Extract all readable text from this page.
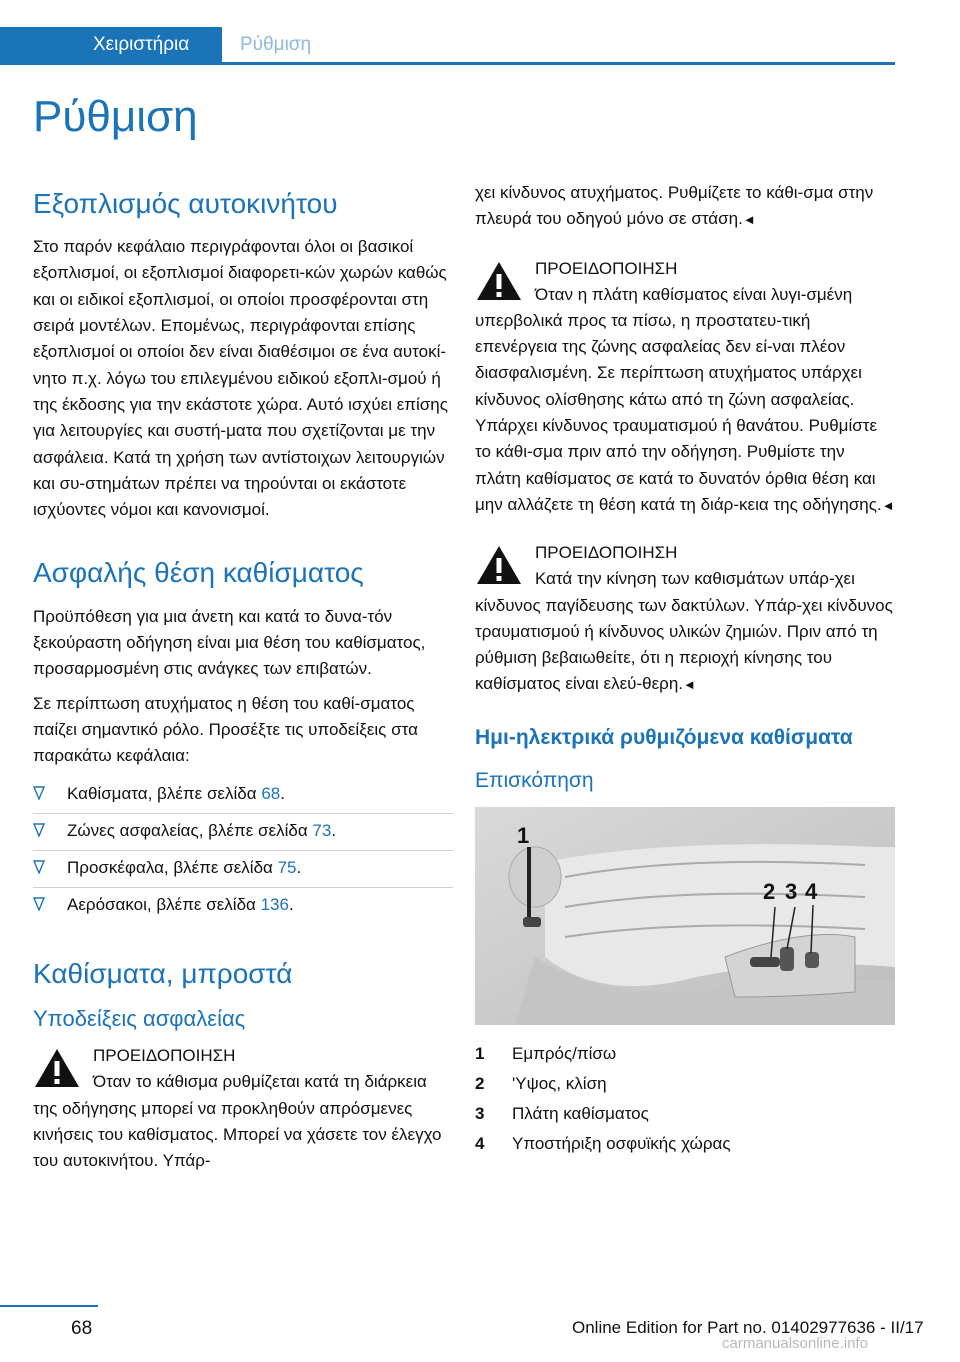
Χειριστήρια	Ρύθμιση
Ρύθμιση
Εξοπλισμός αυτοκινήτου

Στο παρόν κεφάλαιο περιγράφονται όλοι οι βασικοί εξοπλισμοί, οι εξοπλισμοί διαφορετι-κών χωρών καθώς και οι ειδικοί εξοπλισμοί, οι οποίοι προσφέρονται στη σειρά μοντέλων. Επομένως, περιγράφονται επίσης εξοπλισμοί οι οποίοι δεν είναι διαθέσιμοι σε ένα αυτοκί-νητο π.χ. λόγω του επιλεγμένου ειδικού εξοπλι-σμού ή της έκδοσης για την εκάστοτε χώρα. Αυτό ισχύει επίσης για λειτουργίες και συστή-ματα που σχετίζονται με την ασφάλεια. Κατά τη χρήση των αντίστοιχων λειτουργιών και συ-στημάτων πρέπει να τηρούνται οι εκάστοτε ισχύοντες νόμοι και κανονισμοί.

Ασφαλής θέση καθίσματος

Προϋπόθεση για μια άνετη και κατά το δυνα-τόν ξεκούραστη οδήγηση είναι μια θέση του καθίσματος, προσαρμοσμένη στις ανάγκες των επιβατών.

Σε περίπτωση ατυχήματος η θέση του καθί-σματος παίζει σημαντικό ρόλο. Προσέξτε τις υποδείξεις στα παρακάτω κεφάλαια:

Καθίσματα, βλέπε σελίδα 68.
Ζώνες ασφαλείας, βλέπε σελίδα 73.
Προσκέφαλα, βλέπε σελίδα 75.
Αερόσακοι, βλέπε σελίδα 136.
Καθίσματα, μπροστά
Υποδείξεις ασφαλείας
ΠΡΟΕΙΔΟΠΟΙΗΣΗ
Όταν το κάθισμα ρυθμίζεται κατά τη διάρκεια της οδήγησης μπορεί να προκληθούν απρόσμενες κινήσεις του καθίσματος. Μπορεί να χάσετε τον έλεγχο του αυτοκινήτου. Υπάρ-

χει κίνδυνος ατυχήματος. Ρυθμίζετε το κάθι-σμα στην πλευρά του οδηγού μόνο σε στάση.◄

ΠΡΟΕΙΔΟΠΟΙΗΣΗ
Όταν η πλάτη καθίσματος είναι λυγι-σμένη υπερβολικά προς τα πίσω, η προστατευ-τική επενέργεια της ζώνης ασφαλείας δεν εί-ναι πλέον διασφαλισμένη. Σε περίπτωση ατυχήματος υπάρχει κίνδυνος ολίσθησης κάτω από τη ζώνη ασφαλείας. Υπάρχει κίνδυνος τραυματισμού ή θανάτου. Ρυθμίστε το κάθι-σμα πριν από την οδήγηση. Ρυθμίστε την πλάτη καθίσματος σε κατά το δυνατόν όρθια θέση και μην αλλάζετε τη θέση κατά τη διάρ-κεια της οδήγησης.◄
ΠΡΟΕΙΔΟΠΟΙΗΣΗ
Κατά την κίνηση των καθισμάτων υπάρ-χει κίνδυνος παγίδευσης των δακτύλων. Υπάρ-χει κίνδυνος τραυματισμού ή κίνδυνος υλικών ζημιών. Πριν από τη ρύθμιση βεβαιωθείτε, ότι η περιοχή κίνησης του καθίσματος είναι ελεύ-θερη.◄
Ημι-ηλεκτρικά ρυθμιζόμενα καθίσματα
Επισκόπηση
1
2 3 4
1 Εμπρός/πίσω
2 'Υψος, κλίση
3 Πλάτη καθίσματος
4 Υποστήριξη οσφυϊκής χώρας
68	Online Edition for Part no. 01402977636 - II/17
carmanualsonline.info
